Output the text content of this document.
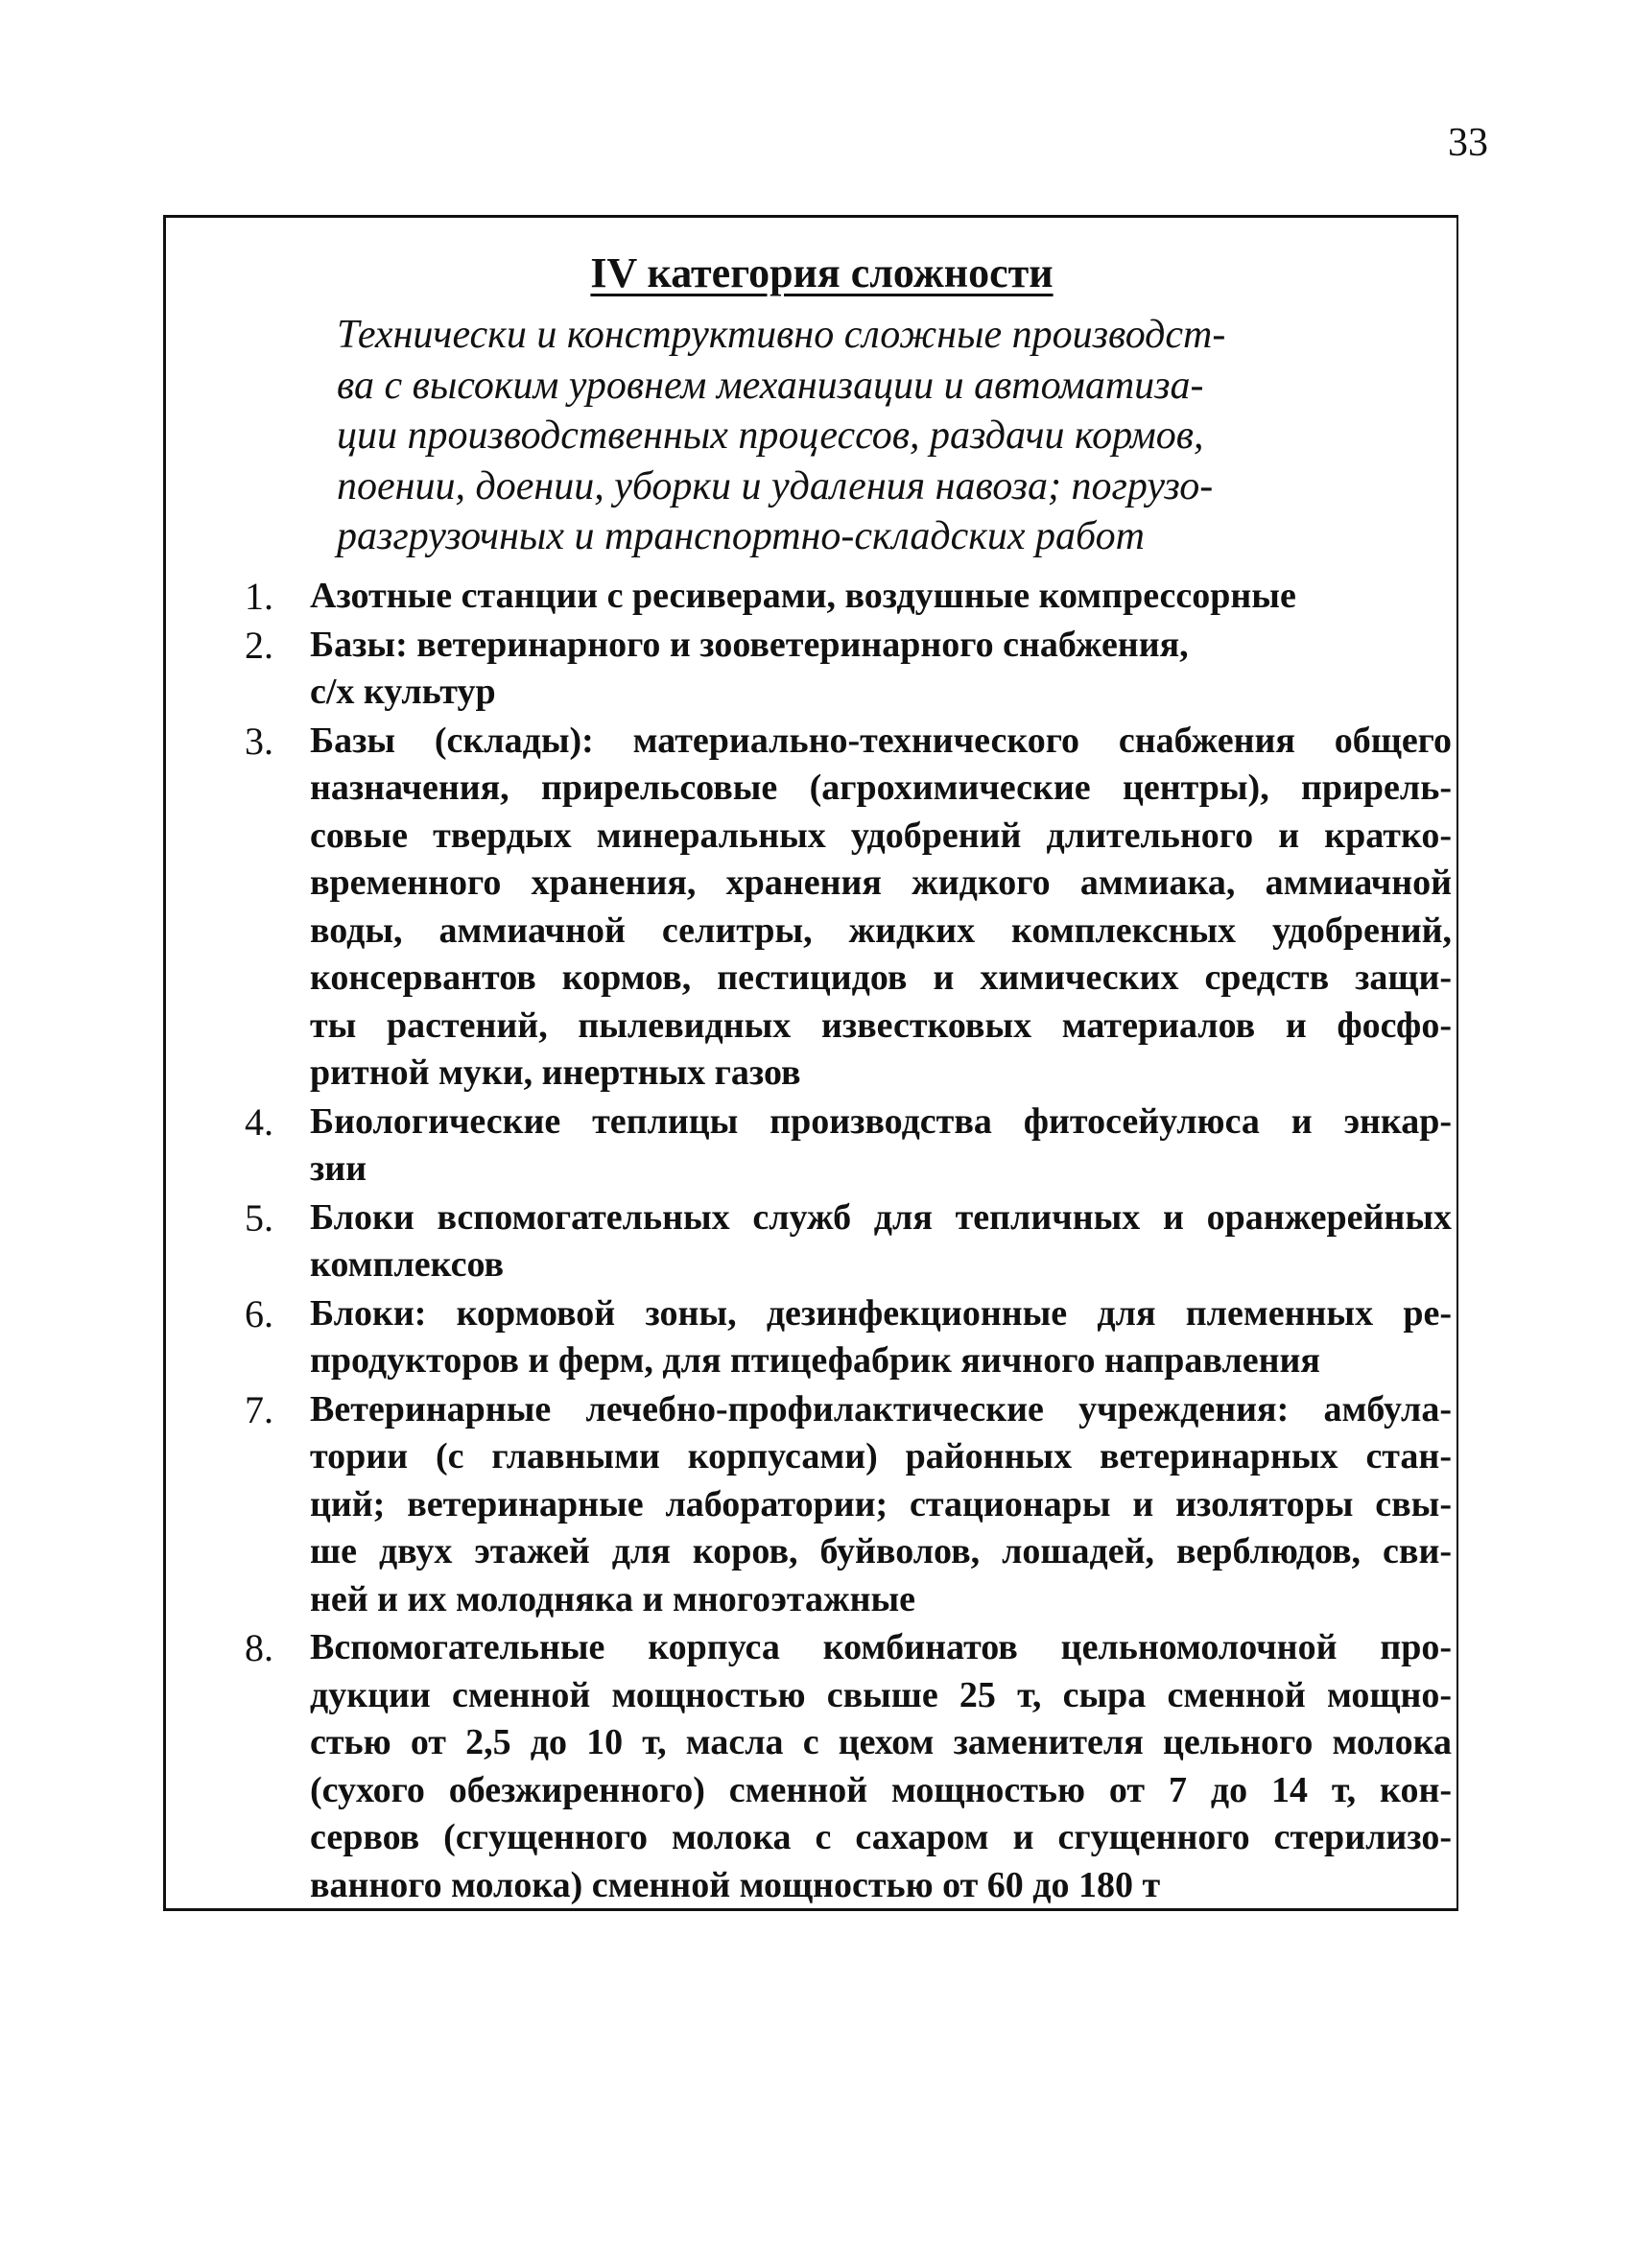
33
IV категория сложности
Технически и конструктивно сложные производст-
ва с высоким уровнем механизации и автоматиза-
ции производственных процессов, раздачи кормов,
поении, доении, уборки и удаления навоза; погрузо-
разгрузочных и транспортно-складских работ
1. Азотные станции с ресиверами, воздушные компрессорные
2. Базы: ветеринарного и зооветеринарного снабжения,
с/х культур
3. Базы (склады): материально-технического снабжения общего
назначения, прирельсовые (агрохимические центры), прирель-
совые твердых минеральных удобрений длительного и кратко-
временного хранения, хранения жидкого аммиака, аммиачной
воды, аммиачной селитры, жидких комплексных удобрений,
консервантов кормов, пестицидов и химических средств защи-
ты растений, пылевидных известковых материалов и фосфо-
ритной муки, инертных газов
4. Биологические теплицы производства фитосейулюса и энкар-
зии
5. Блоки вспомогательных служб для тепличных и оранжерейных
комплексов
6. Блоки: кормовой зоны, дезинфекционные для племенных ре-
продукторов и ферм, для птицефабрик яичного направления
7. Ветеринарные лечебно-профилактические учреждения: амбула-
тории (с главными корпусами) районных ветеринарных стан-
ций; ветеринарные лаборатории; стационары и изоляторы свы-
ше двух этажей для коров, буйволов, лошадей, верблюдов, сви-
ней и их молодняка и многоэтажные
8. Вспомогательные корпуса комбинатов цельномолочной про-
дукции сменной мощностью свыше 25 т, сыра сменной мощно-
стью от 2,5 до 10 т, масла с цехом заменителя цельного молока
(сухого обезжиренного) сменной мощностью от 7 до 14 т, кон-
сервов (сгущенного молока с сахаром и сгущенного стерилизо-
ванного молока) сменной мощностью от 60 до 180 т
